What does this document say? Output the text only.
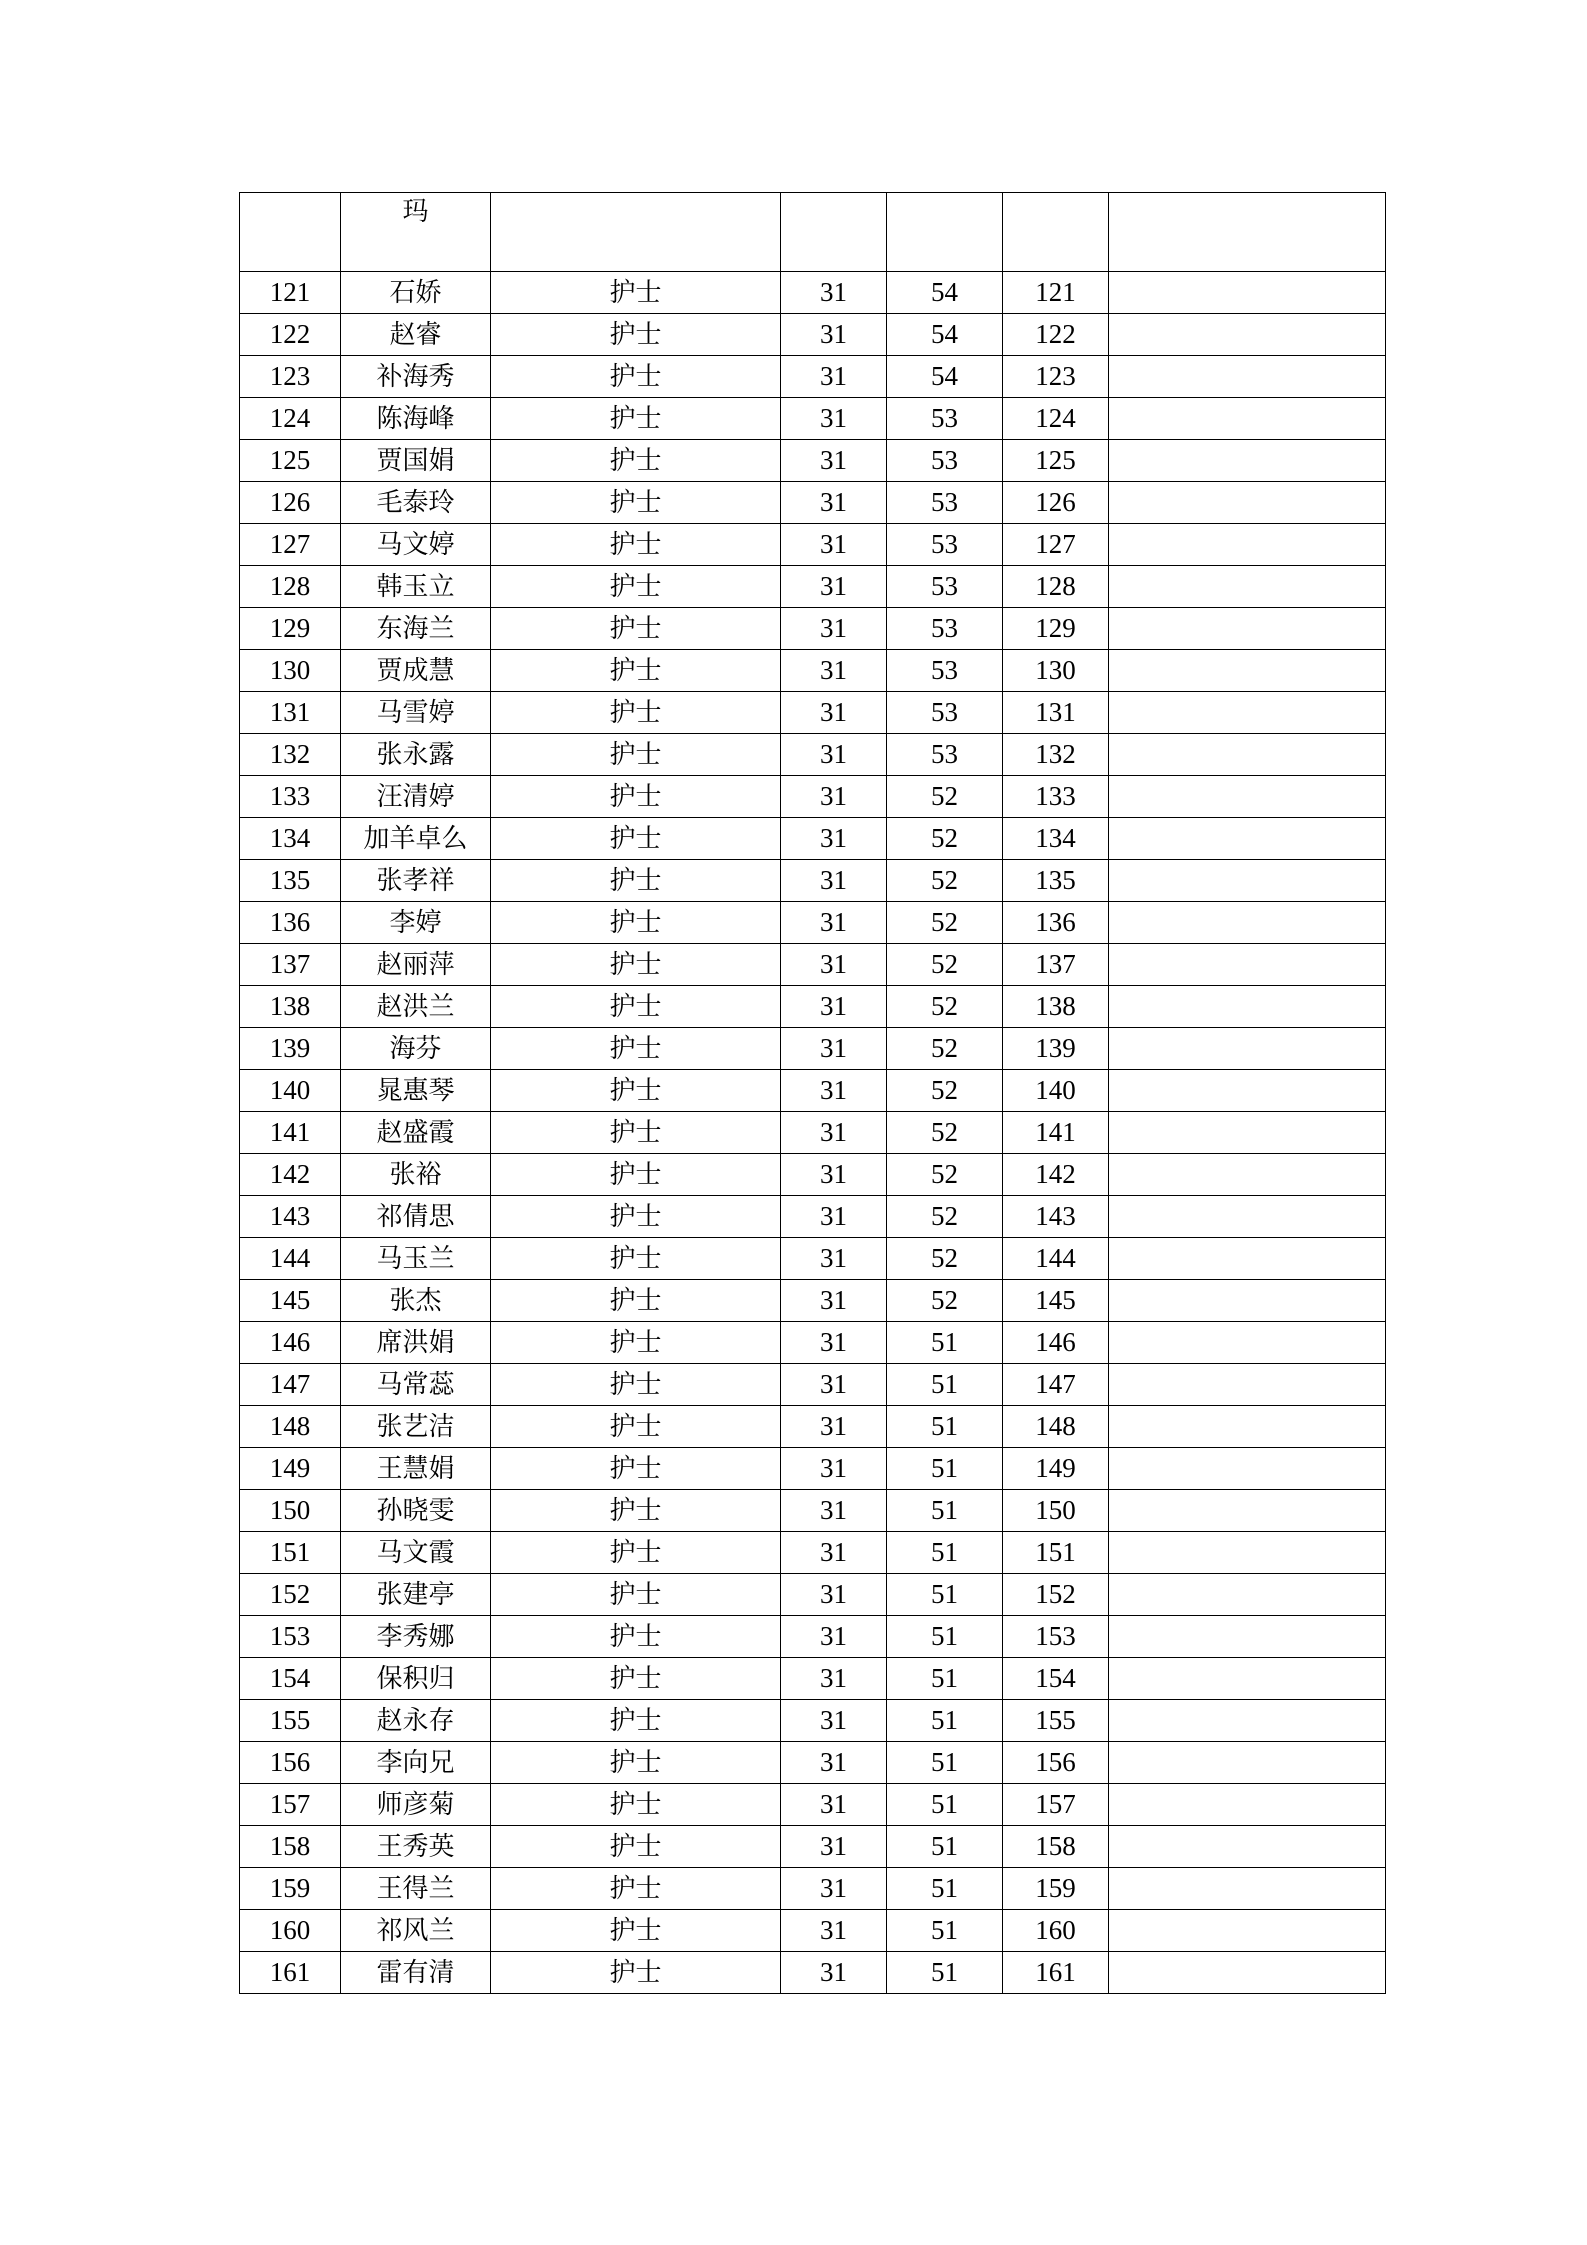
	玛					
121	石娇	护士	31	54	121	
122	赵睿	护士	31	54	122	
123	补海秀	护士	31	54	123	
124	陈海峰	护士	31	53	124	
125	贾国娟	护士	31	53	125	
126	毛泰玲	护士	31	53	126	
127	马文婷	护士	31	53	127	
128	韩玉立	护士	31	53	128	
129	东海兰	护士	31	53	129	
130	贾成慧	护士	31	53	130	
131	马雪婷	护士	31	53	131	
132	张永露	护士	31	53	132	
133	汪清婷	护士	31	52	133	
134	加羊卓么	护士	31	52	134	
135	张孝祥	护士	31	52	135	
136	李婷	护士	31	52	136	
137	赵丽萍	护士	31	52	137	
138	赵洪兰	护士	31	52	138	
139	海芬	护士	31	52	139	
140	晁惠琴	护士	31	52	140	
141	赵盛霞	护士	31	52	141	
142	张裕	护士	31	52	142	
143	祁倩思	护士	31	52	143	
144	马玉兰	护士	31	52	144	
145	张杰	护士	31	52	145	
146	席洪娟	护士	31	51	146	
147	马常蕊	护士	31	51	147	
148	张艺洁	护士	31	51	148	
149	王慧娟	护士	31	51	149	
150	孙晓雯	护士	31	51	150	
151	马文霞	护士	31	51	151	
152	张建亭	护士	31	51	152	
153	李秀娜	护士	31	51	153	
154	保积归	护士	31	51	154	
155	赵永存	护士	31	51	155	
156	李向兄	护士	31	51	156	
157	师彦菊	护士	31	51	157	
158	王秀英	护士	31	51	158	
159	王得兰	护士	31	51	159	
160	祁风兰	护士	31	51	160	
161	雷有清	护士	31	51	161	
